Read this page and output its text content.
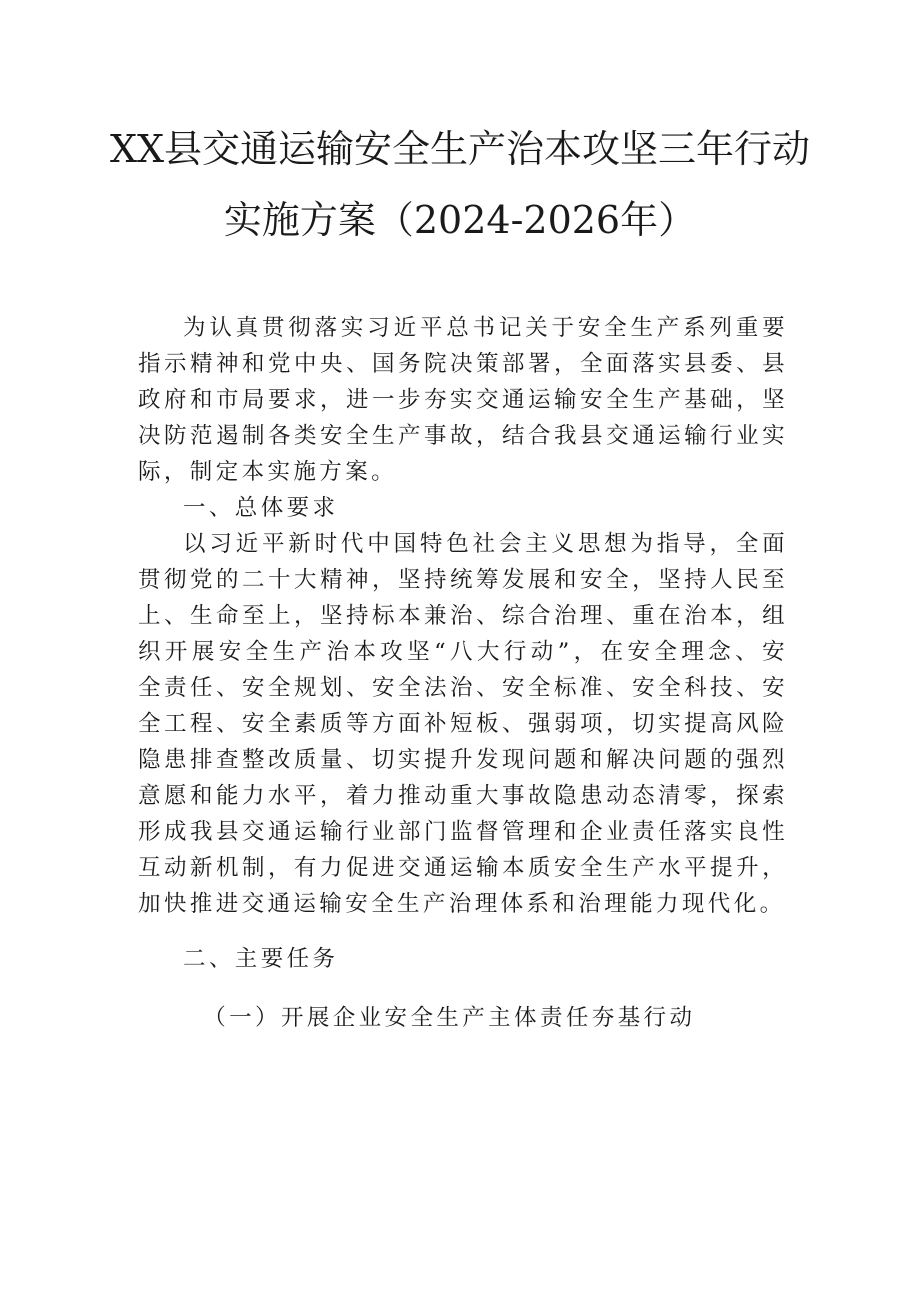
XX县交通运输安全生产治本攻坚三年行动
实施方案（2024-2026年）

为认真贯彻落实习近平总书记关于安全生产系列重要指示精神和党中央、国务院决策部署，全面落实县委、县政府和市局要求，进一步夯实交通运输安全生产基础，坚决防范遏制各类安全生产事故，结合我县交通运输行业实际，制定本实施方案。

一、总体要求

以习近平新时代中国特色社会主义思想为指导，全面贯彻党的二十大精神，坚持统筹发展和安全，坚持人民至上、生命至上，坚持标本兼治、综合治理、重在治本，组织开展安全生产治本攻坚“八大行动”，在安全理念、安全责任、安全规划、安全法治、安全标准、安全科技、安全工程、安全素质等方面补短板、强弱项，切实提高风险隐患排查整改质量、切实提升发现问题和解决问题的强烈意愿和能力水平，着力推动重大事故隐患动态清零，探索形成我县交通运输行业部门监督管理和企业责任落实良性互动新机制，有力促进交通运输本质安全生产水平提升，加快推进交通运输安全生产治理体系和治理能力现代化。

二、主要任务

（一）开展企业安全生产主体责任夯基行动
